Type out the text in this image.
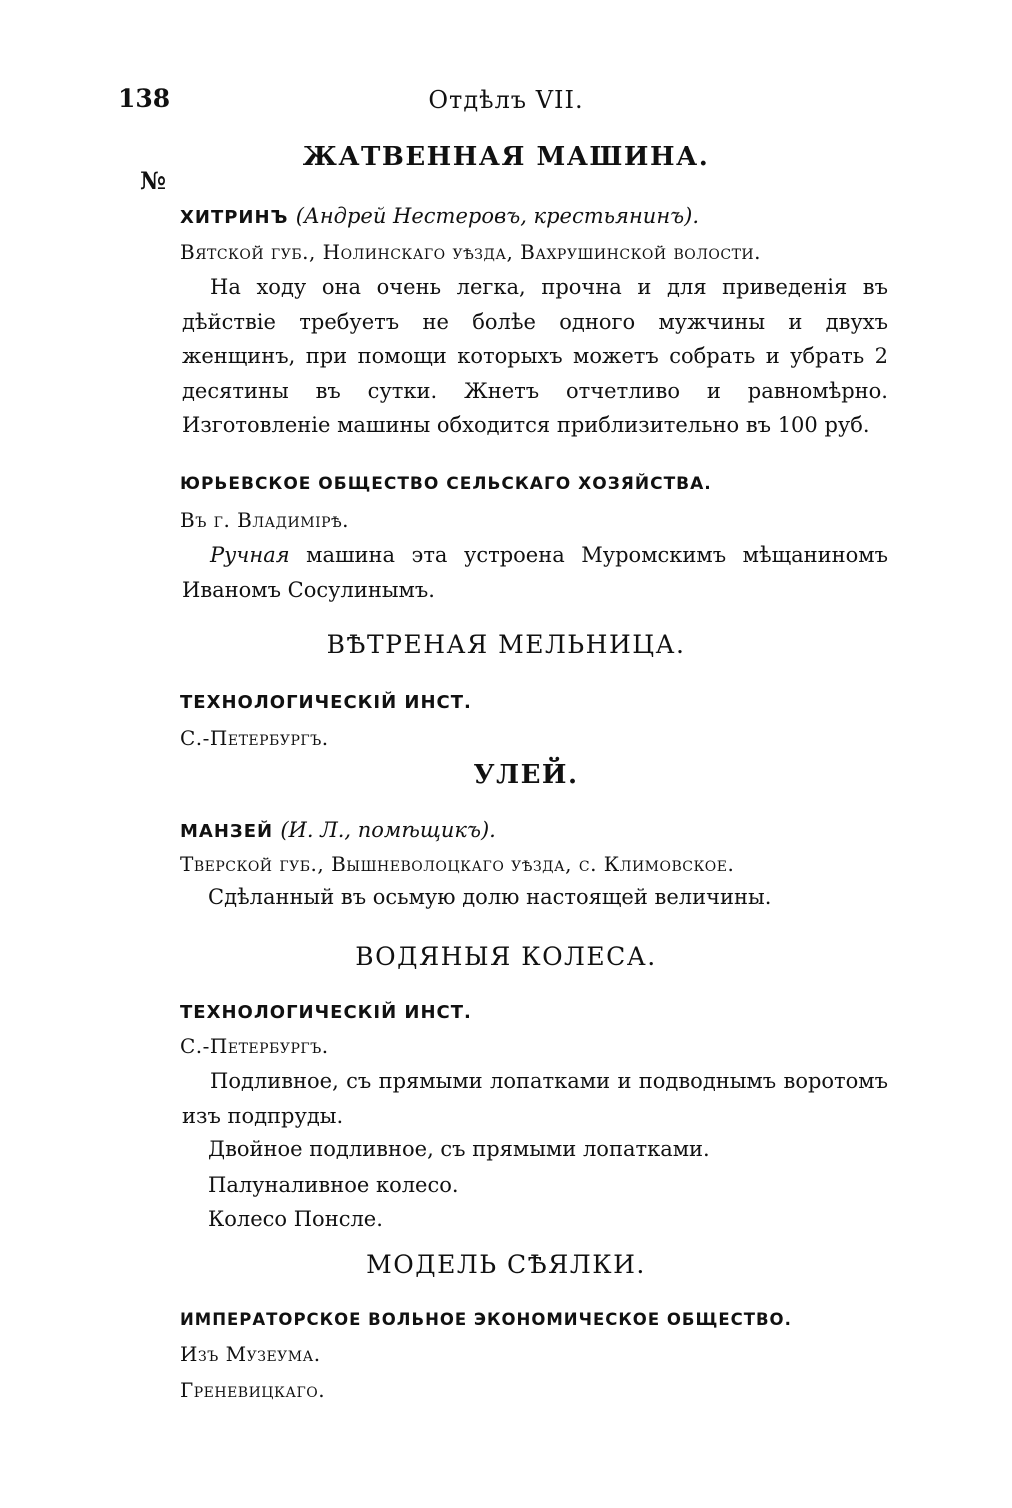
138	Отдѣлъ VII.
ЖАТВЕННАЯ МАШИНА.
№
ХИТРИНЪ (Андрей Нестеровъ, крестьянинъ).
Вятской губ., Нолинскаго уѣзда, Вахрушинской волости.
На ходу она очень легка, прочна и для приведенія въ дѣйствіе требуетъ не болѣе одного мужчины и двухъ женщинъ, при помощи которыхъ можетъ собрать и убрать 2 десятины въ сутки. Жнетъ отчетливо и равномѣрно. Изготовленіе машины обходится приблизительно въ 100 руб.
ЮРЬЕВСКОЕ ОБЩЕСТВО СЕЛЬСКАГО ХОЗЯЙСТВА.
Въ г. Владимірѣ.
Ручная машина эта устроена Муромскимъ мѣщаниномъ Иваномъ Сосулинымъ.
ВѢТРЕНАЯ МЕЛЬНИЦА.
ТЕХНОЛОГИЧЕСКІЙ ИНСТ.
С.-Петербургъ.
УЛЕЙ.
МАНЗЕЙ (И. Л., помѣщикъ).
Тверской губ., Вышневолоцкаго уѣзда, с. Климовское.
Сдѣланный въ осьмую долю настоящей величины.
ВОДЯНЫЯ КОЛЕСА.
ТЕХНОЛОГИЧЕСКІЙ ИНСТ.
С.-Петербургъ.
Подливное, съ прямыми лопатками и подводнымъ воротомъ изъ подпруды.
Двойное подливное, съ прямыми лопатками.
Палуналивное колесо.
Колесо Понсле.
МОДЕЛЬ СѢЯЛКИ.
ИМПЕРАТОРСКОЕ ВОЛЬНОЕ ЭКОНОМИЧЕСКОЕ ОБЩЕСТВО.
Изъ Музеума.
Греневицкаго.
